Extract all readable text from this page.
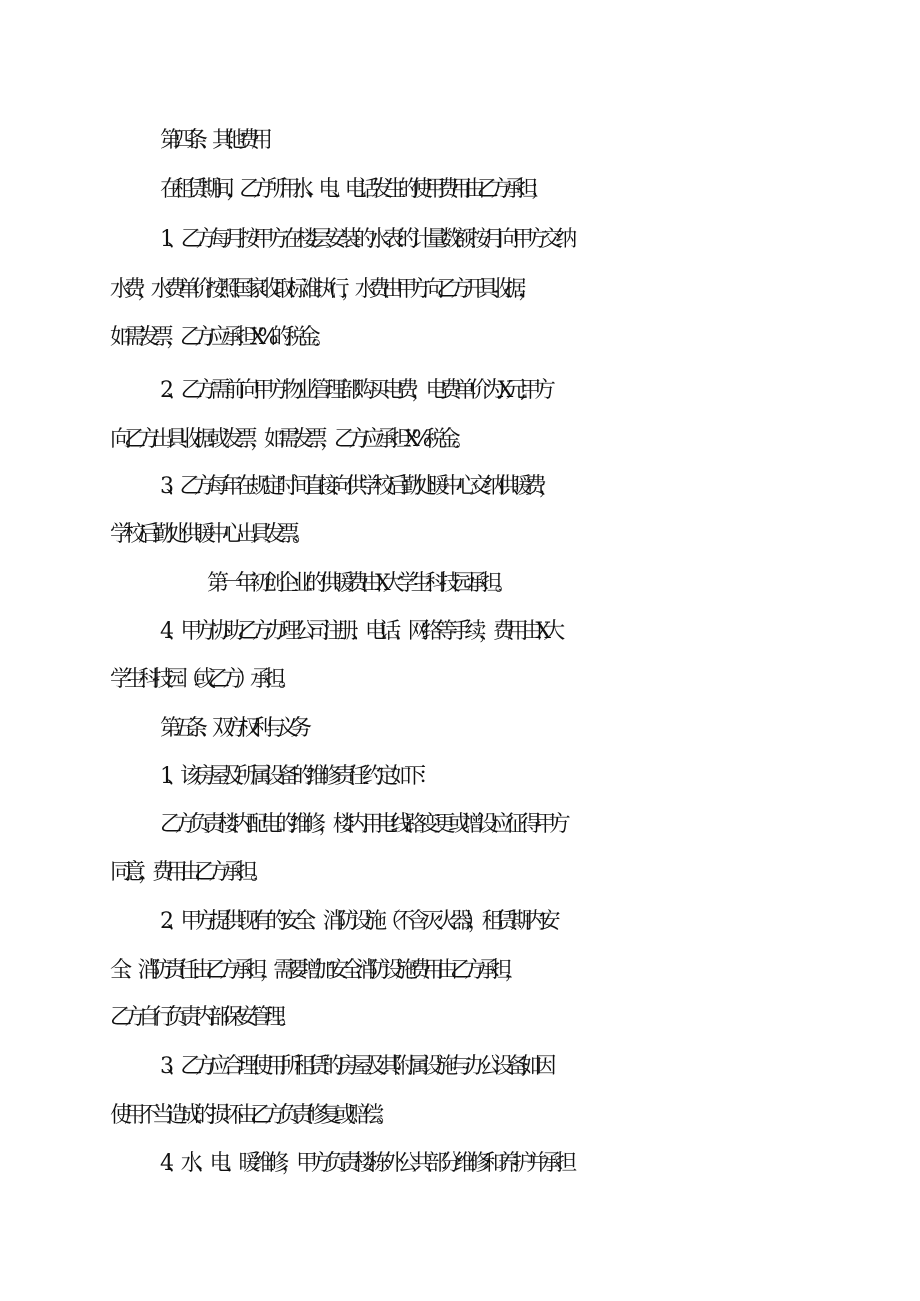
第四条、其他费用
在租赁期间，乙方所用水、电、电话发生的使用费用由乙方承担；
1、乙方每月按甲方在楼层安装的水表的计量数额按月向甲方交纳
水费，水费单价按照国家收取标准执行，水费由甲方向乙方开具收据，
如需发票，乙方应承担X%的税金。
2、乙方需前向甲方物业管理部购买电费，电费单价为X元,甲方
向乙方出具收据或发票，如需发票，乙方应承担X%税金。
3、乙方每年在规定时间直接向供学校后勤处暖中心交纳供暖费，
学校后勤处供暖中心出具发票。
第一年初创企业的供暖费由X大学生科技园承担。
4、甲方协助乙方办理公司注册、电话、网络等手续，费用由X大
学生科技园（或乙方）承担。
第五条、双方权利与义务
1、该房屋及所属设备的维修责任约定如下：
乙方负责楼内配电的维修，楼内用电线路变更或增设应征得甲方
同意，费用由乙方承担。
2、甲方提供现有的安全、消防设施（不含灭火器），租赁期内安
全、消防责任由乙方承担，需要增加安全消防设施费用由乙方承担，
乙方自行负责内部保安管理。
3、乙方应合理使用所租赁的房屋及其附属设施与办公设备,如因
使用不当造成的损坏由乙方负责修复或赔偿。
4、水、电、暖维修，甲方负责楼栋外公共部分维修和养护并承担
